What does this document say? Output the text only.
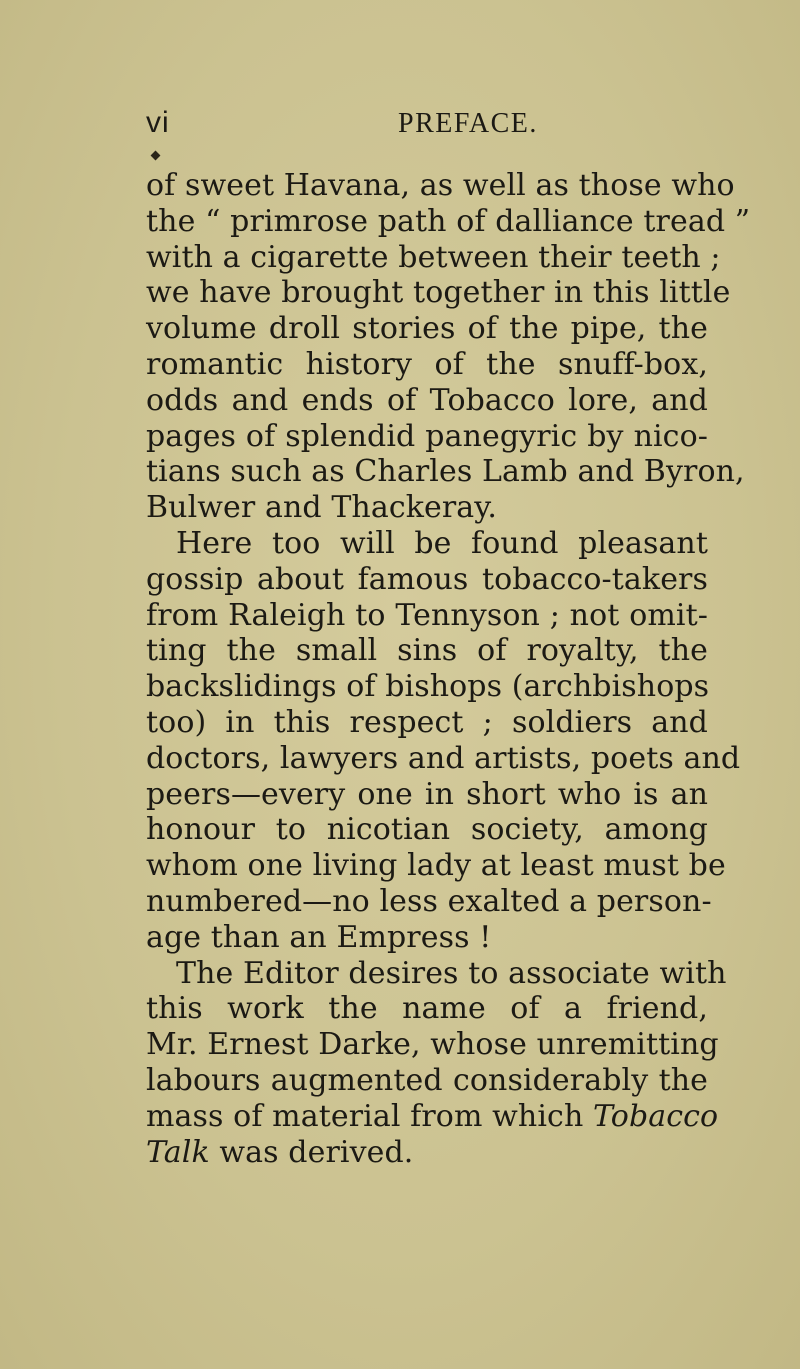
vi	PREFACE.
of sweet Havana, as well as those who
the “ primrose path of dalliance tread ”
with a cigarette between their teeth ;
we have brought together in this little
volume droll stories of the pipe, the
romantic history of the snuff-box,
odds and ends of Tobacco lore, and
pages of splendid panegyric by nico-
tians such as Charles Lamb and Byron,
Bulwer and Thackeray.
Here too will be found pleasant
gossip about famous tobacco-takers
from Raleigh to Tennyson ; not omit-
ting the small sins of royalty, the
backslidings of bishops (archbishops
too) in this respect ; soldiers and
doctors, lawyers and artists, poets and
peers—every one in short who is an
honour to nicotian society, among
whom one living lady at least must be
numbered—no less exalted a person-
age than an Empress !
The Editor desires to associate with
this work the name of a friend,
Mr. Ernest Darke, whose unremitting
labours augmented considerably the
mass of material from which Tobacco
Talk was derived.
